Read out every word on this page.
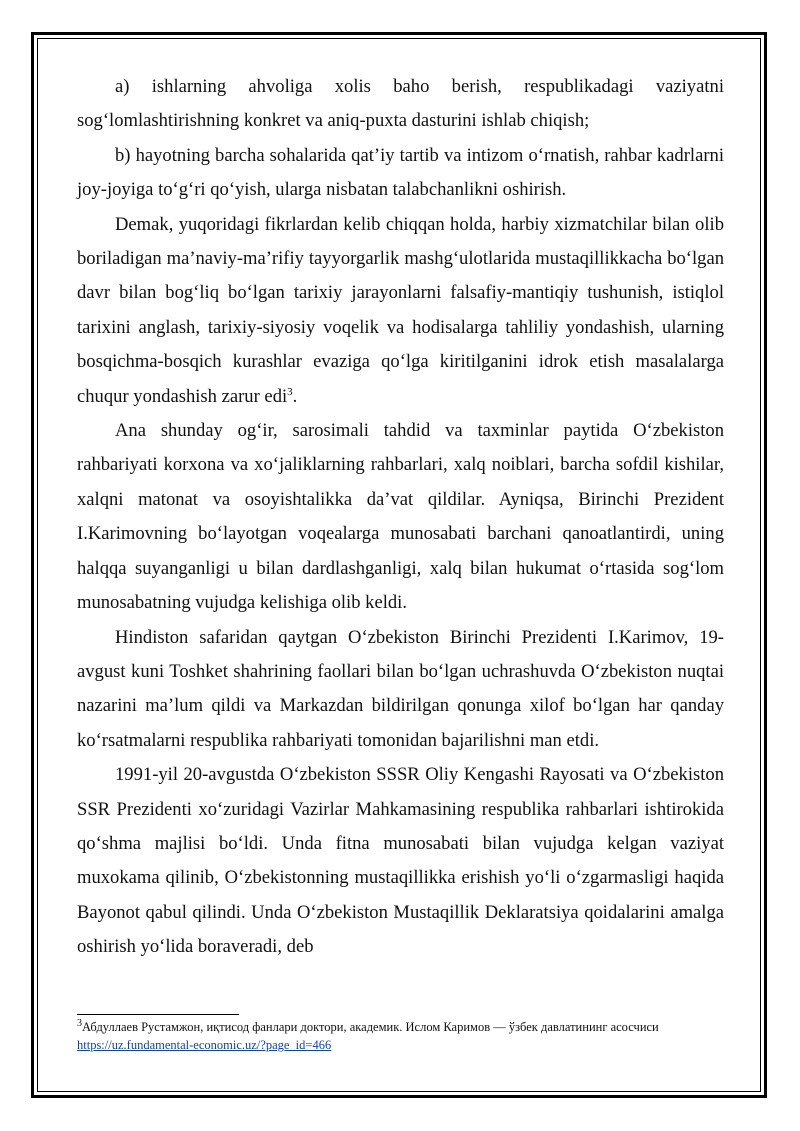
a) ishlarning ahvoliga xolis baho berish, respublikadagi vaziyatni sog‘lomlashtirishning konkret va aniq-puxta dasturini ishlab chiqish;

b) hayotning barcha sohalarida qat’iy tartib va intizom o‘rnatish, rahbar kadrlarni joy-joyiga to‘g‘ri qo‘yish, ularga nisbatan talabchanlikni oshirish.

Demak, yuqoridagi fikrlardan kelib chiqqan holda, harbiy xizmatchilar bilan olib boriladigan ma’naviy-ma’rifiy tayyorgarlik mashg‘ulotlarida mustaqillikkacha bo‘lgan davr bilan bog‘liq bo‘lgan tarixiy jarayonlarni falsafiy-mantiqiy tushunish, istiqlol tarixini anglash, tarixiy-siyosiy voqelik va hodisalarga tahliliy yondashish, ularning bosqichma-bosqich kurashlar evaziga qo‘lga kiritilganini idrok etish masalalarga chuqur yondashish zarur edi$^3$.

Ana shunday og‘ir, sarosimali tahdid va taxminlar paytida O‘zbekiston rahbariyati korxona va xo‘jaliklarning rahbarlari, xalq noiblari, barcha sofdil kishilar, xalqni matonat va osoyishtalikka da’vat qildilar. Ayniqsa, Birinchi Prezident I.Karimovning bo‘layotgan voqealarga munosabati barchani qanoatlantirdi, uning halqqa suyanganligi u bilan dardlashganligi, xalq bilan hukumat o‘rtasida sog‘lom munosabatning vujudga kelishiga olib keldi.

Hindiston safaridan qaytgan O‘zbekiston Birinchi Prezidenti I.Karimov, 19-avgust kuni Toshket shahrining faollari bilan bo‘lgan uchrashuvda O‘zbekiston nuqtai nazarini ma’lum qildi va Markazdan bildirilgan qonunga xilof bo‘lgan har qanday ko‘rsatmalarni respublika rahbariyati tomonidan bajarilishni man etdi.

1991-yil 20-avgustda O‘zbekiston SSSR Oliy Kengashi Rayosati va O‘zbekiston SSR Prezidenti xo‘zuridagi Vazirlar Mahkamasining respublika rahbarlari ishtirokida qo‘shma majlisi bo‘ldi. Unda fitna munosabati bilan vujudga kelgan vaziyat muxokama qilinib, O‘zbekistonning mustaqillikka erishish yo‘li o‘zgarmasligi haqida Bayonot qabul qilindi. Unda O‘zbekiston Mustaqillik Deklaratsiya qoidalarini amalga oshirish yo‘lida boraveradi, deb

$^3$Абдуллаев Рустамжон, иқтисод фанлари доктори, академик. Ислом Каримов — ўзбек давлатининг асосчиси
https://uz.fundamental-economic.uz/?page_id=466
